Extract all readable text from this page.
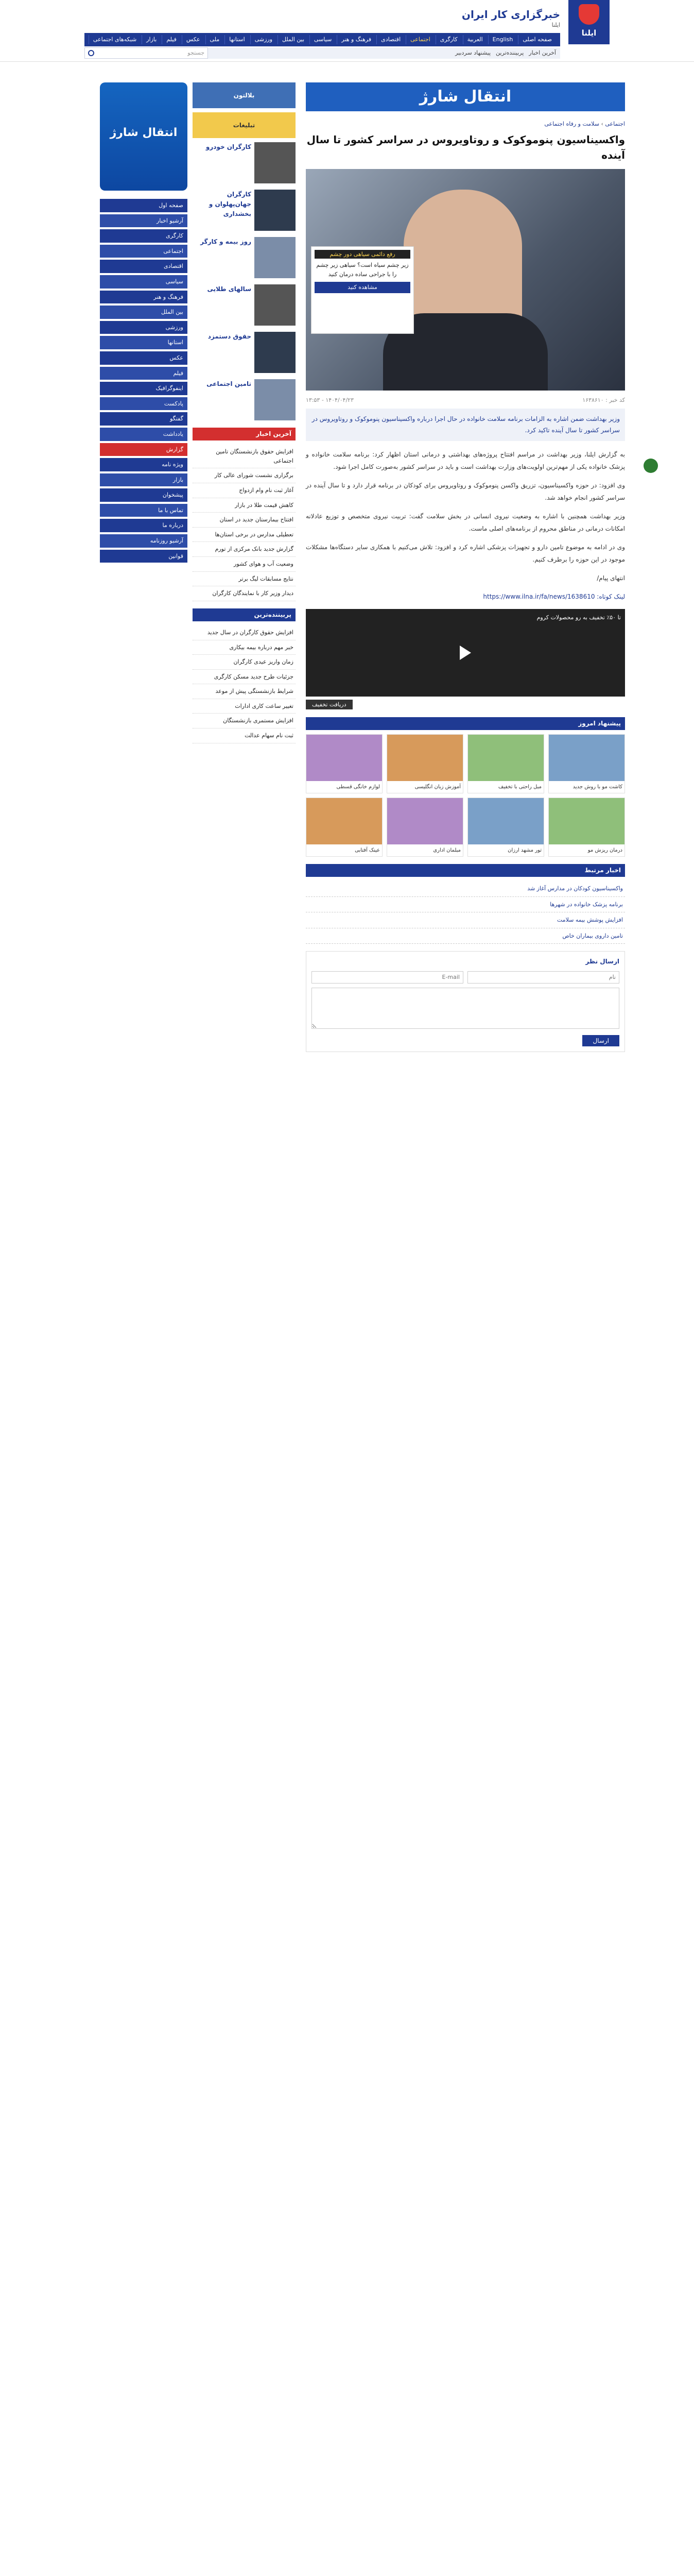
ایلنا
خبرگزاری کار ایران
ایلنا
صفحه اصلی
English
العربية
کارگری
اجتماعی
اقتصادی
فرهنگ و هنر
سیاسی
بین الملل
ورزشی
استانها
ملی
عکس
فیلم
بازار
شبکه‌های اجتماعی
آخرین اخبار
پربیننده‌ترین
پیشنهاد سردبیر
جستجو
انتقال شارژ
اجتماعی › سلامت و رفاه اجتماعی
واکسیناسیون پنوموکوک و روتاویروس در سراسر کشور تا سال آینده
رفع دائمی سیاهی دور چشم
زیر چشم سیاه است؟ سیاهی زیر چشم را با جراحی ساده درمان کنید
مشاهده کنید
کد خبر : ۱۶۳۸۶۱۰
۱۴۰۴/۰۴/۲۳ - ۱۳:۵۳
وزیر بهداشت ضمن اشاره به الزامات برنامه سلامت خانواده در حال اجرا درباره واکسیناسیون پنوموکوک و روتاویروس در سراسر کشور تا سال آینده تاکید کرد.

به گزارش ایلنا، وزیر بهداشت در مراسم افتتاح پروژه‌های بهداشتی و درمانی استان اظهار کرد: برنامه سلامت خانواده و پزشک خانواده یکی از مهم‌ترین اولویت‌های وزارت بهداشت است و باید در سراسر کشور به‌صورت کامل اجرا شود.

وی افزود: در حوزه واکسیناسیون، تزریق واکسن پنوموکوک و روتاویروس برای کودکان در برنامه قرار دارد و تا سال آینده در سراسر کشور انجام خواهد شد.

وزیر بهداشت همچنین با اشاره به وضعیت نیروی انسانی در بخش سلامت گفت: تربیت نیروی متخصص و توزیع عادلانه امکانات درمانی در مناطق محروم از برنامه‌های اصلی ماست.

وی در ادامه به موضوع تامین دارو و تجهیزات پزشکی اشاره کرد و افزود: تلاش می‌کنیم با همکاری سایر دستگاه‌ها مشکلات موجود در این حوزه را برطرف کنیم.

انتهای پیام/

لینک کوتاه: https://www.ilna.ir/fa/news/1638610

تا ۵۰٪ تخفیف به رو محصولات کروم
دریافت تخفیف
پیشنهاد امروز
کاشت مو با روش جدید
مبل راحتی با تخفیف
آموزش زبان انگلیسی
لوازم خانگی قسطی
درمان ریزش مو
تور مشهد ارزان
مبلمان اداری
عینک آفتابی
اخبار مرتبط
واکسیناسیون کودکان در مدارس آغاز شد
برنامه پزشک خانواده در شهرها
افزایش پوشش بیمه سلامت
تامین داروی بیماران خاص
ارسال نظر
نام
E-mail
ارسال
بلالتون
تبلیغات
کارگران خودرو
کارگران جهان‌پهلوان و بخشداری
روز بیمه و کارگر
سالهای طلایی
حقوق دستمزد
تامین اجتماعی
آخرین اخبار
افزایش حقوق بازنشستگان تامین اجتماعی
برگزاری نشست شورای عالی کار
آغاز ثبت نام وام ازدواج
کاهش قیمت طلا در بازار
افتتاح بیمارستان جدید در استان
تعطیلی مدارس در برخی استان‌ها
گزارش جدید بانک مرکزی از تورم
وضعیت آب و هوای کشور
نتایج مسابقات لیگ برتر
دیدار وزیر کار با نمایندگان کارگران
پربیننده‌ترین
افزایش حقوق کارگران در سال جدید
خبر مهم درباره بیمه بیکاری
زمان واریز عیدی کارگران
جزئیات طرح جدید مسکن کارگری
شرایط بازنشستگی پیش از موعد
تغییر ساعت کاری ادارات
افزایش مستمری بازنشستگان
ثبت نام سهام عدالت
انتقال شارژ
صفحه اول
آرشیو اخبار
کارگری
اجتماعی
اقتصادی
سیاسی
فرهنگ و هنر
بین الملل
ورزشی
استانها
عکس
فیلم
اینفوگرافیک
پادکست
گفتگو
یادداشت
گزارش
ویژه نامه
بازار
پیشخوان
تماس با ما
درباره ما
آرشیو روزنامه
قوانین
